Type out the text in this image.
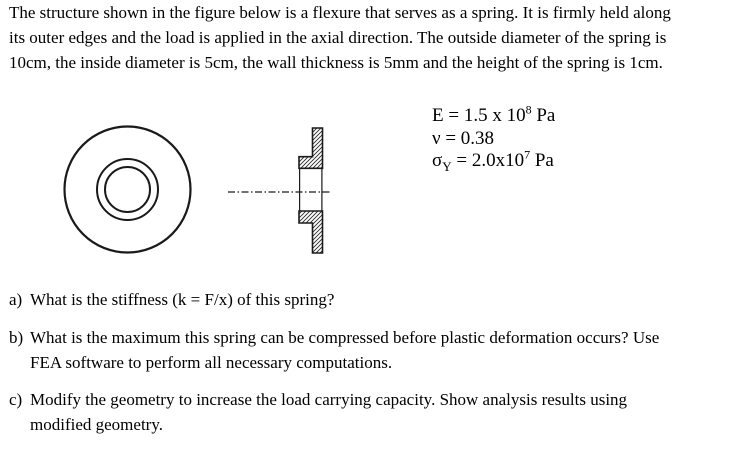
The structure shown in the figure below is a flexure that serves as a spring. It is firmly held along
its outer edges and the load is applied in the axial direction. The outside diameter of the spring is
10cm, the inside diameter is 5cm, the wall thickness is 5mm and the height of the spring is 1cm.
E = 1.5 x $10^8$ Pa
ν = 0.38
$\sigma_Y = 2.0x10^7$ Pa
a) What is the stiffness (k = F/x) of this spring?
b) What is the maximum this spring can be compressed before plastic deformation occurs? Use
FEA software to perform all necessary computations.
c) Modify the geometry to increase the load carrying capacity. Show analysis results using
modified geometry.
